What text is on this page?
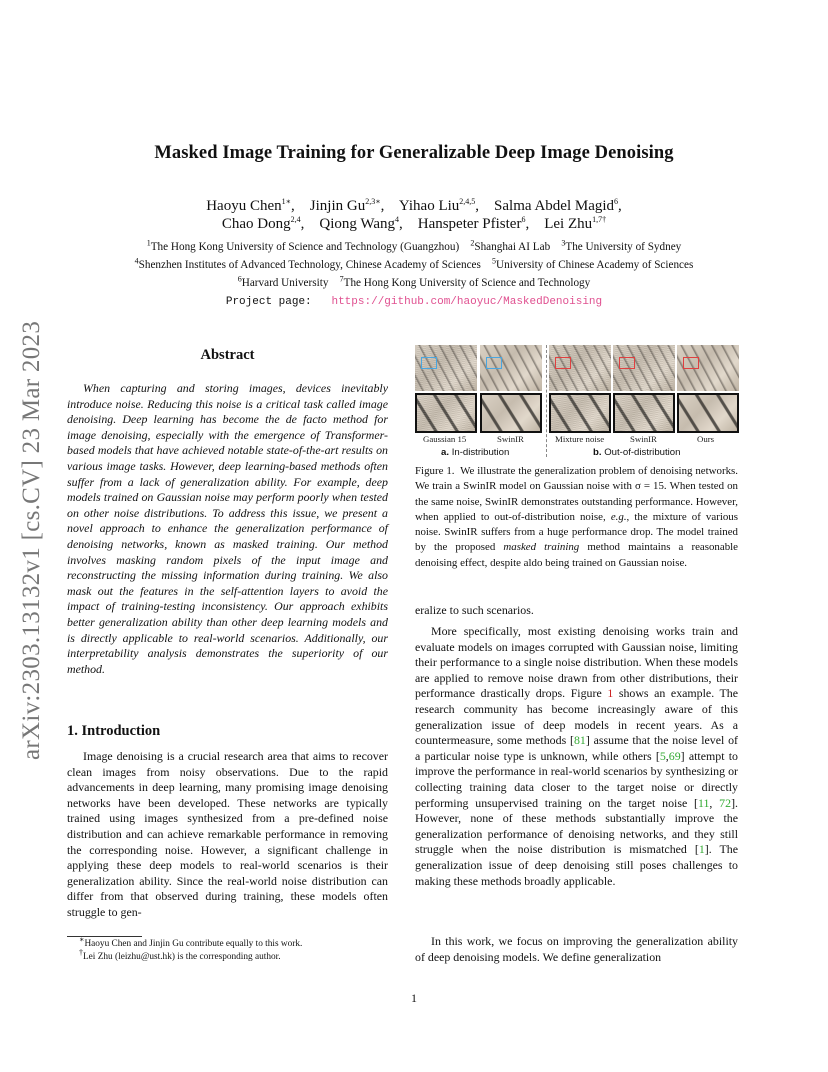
arXiv:2303.13132v1 [cs.CV] 23 Mar 2023
Masked Image Training for Generalizable Deep Image Denoising
Haoyu Chen$^{1∗}$,    Jinjin $Gu^{2,3∗}$,    Yihao Liu$^{2,4,5}$,    Salma Abdel Magid$^6$,
Chao Dong$^{2,4}$,    Qiong Wang$^4$,    Hanspeter Pfister$^6$,    Lei Zhu$^{1,7\dagger}$
$^1$The Hong Kong University of Science and Technology (Guangzhou) $^2$Shanghai AI Lab $^3$The University of Sydney
$^4$Shenzhen Institutes of Advanced Technology, Chinese Academy of Sciences $^5$University of Chinese Academy of Sciences
$^6$Harvard University $^7$The Hong Kong University of Science and Technology
Project page: https://github.com/haoyuc/MaskedDenoising
Abstract
When capturing and storing images, devices inevitably introduce noise. Reducing this noise is a critical task called image denoising. Deep learning has become the de facto method for image denoising, especially with the emergence of Transformer-based models that have achieved notable state-of-the-art results on various image tasks. However, deep learning-based methods often suffer from a lack of generalization ability. For example, deep models trained on Gaussian noise may perform poorly when tested on other noise distributions. To address this issue, we present a novel approach to enhance the generalization performance of denoising networks, known as masked training. Our method involves masking random pixels of the input image and reconstructing the missing information during training. We also mask out the features in the self-attention layers to avoid the impact of training-testing inconsistency. Our approach exhibits better generalization ability than other deep learning models and is directly applicable to real-world scenarios. Additionally, our interpretability analysis demonstrates the superiority of our method.
1. Introduction
Image denoising is a crucial research area that aims to recover clean images from noisy observations. Due to the rapid advancements in deep learning, many promising image denoising networks have been developed. These networks are typically trained using images synthesized from a pre-defined noise distribution and can achieve remarkable performance in removing the corresponding noise. However, a significant challenge in applying these deep models to real-world scenarios is their generalization ability. Since the real-world noise distribution can differ from that observed during training, these models often struggle to gen-
∗Haoyu Chen and Jinjin Gu contribute equally to this work.
†Lei Zhu (leizhu@ust.hk) is the corresponding author.
Gaussian 15	SwinIR	Mixture noise	SwinIR	Ours
a. In-distribution	b. Out-of-distribution
Figure 1. We illustrate the generalization problem of denoising networks. We train a SwinIR model on Gaussian noise with σ = 15. When tested on the same noise, SwinIR demonstrates outstanding performance. However, when applied to out-of-distribution noise, e.g., the mixture of various noise. SwinIR suffers from a huge performance drop. The model trained by the proposed masked training method maintains a reasonable denoising effect, despite aldo being trained on Gaussian noise.
eralize to such scenarios.
More specifically, most existing denoising works train and evaluate models on images corrupted with Gaussian noise, limiting their performance to a single noise distribution. When these models are applied to remove noise drawn from other distributions, their performance drastically drops. Figure 1 shows an example. The research community has become increasingly aware of this generalization issue of deep models in recent years. As a countermeasure, some methods [81] assume that the noise level of a particular noise type is unknown, while others [5,69] attempt to improve the performance in real-world scenarios by synthesizing or collecting training data closer to the target noise or directly performing unsupervised training on the target noise [11, 72]. However, none of these methods substantially improve the generalization performance of denoising networks, and they still struggle when the noise distribution is mismatched [1]. The generalization issue of deep denoising still poses challenges to making these methods broadly applicable.
In this work, we focus on improving the generalization ability of deep denoising models. We define generalization
1
